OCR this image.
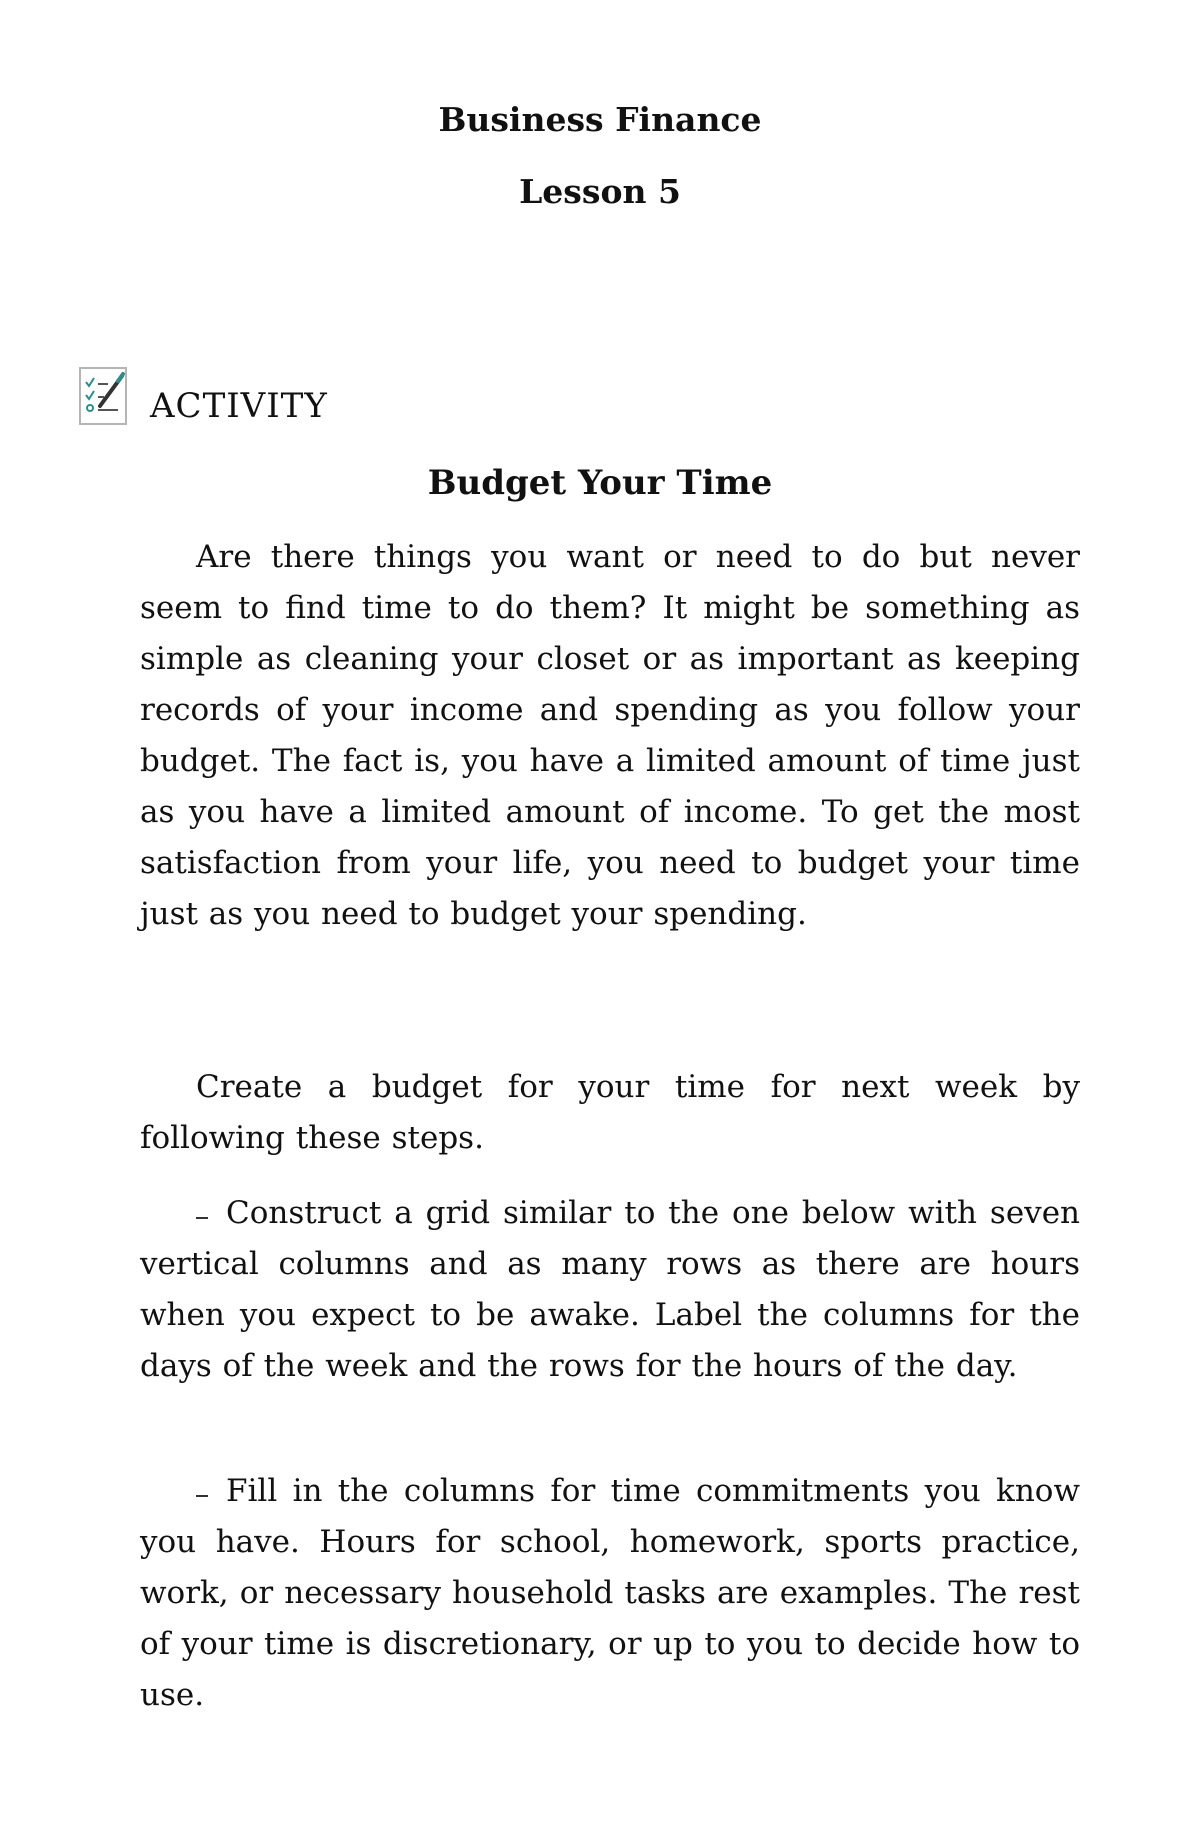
Business Finance
Lesson 5
ACTIVITY
Budget Your Time

Are there things you want or need to do but never seem to find time to do them? It might be something as simple as cleaning your closet or as important as keeping records of your income and spending as you follow your budget. The fact is, you have a limited amount of time just as you have a limited amount of income. To get the most satisfaction from your life, you need to budget your time just as you need to budget your spending.

Create a budget for your time for next week by following these steps.

Construct a grid similar to the one below with seven vertical columns and as many rows as there are hours when you expect to be awake. Label the columns for the days of the week and the rows for the hours of the day.

Fill in the columns for time commitments you know you have. Hours for school, homework, sports practice, work, or necessary household tasks are examples. The rest of your time is discretionary, or up to you to decide how to use.
